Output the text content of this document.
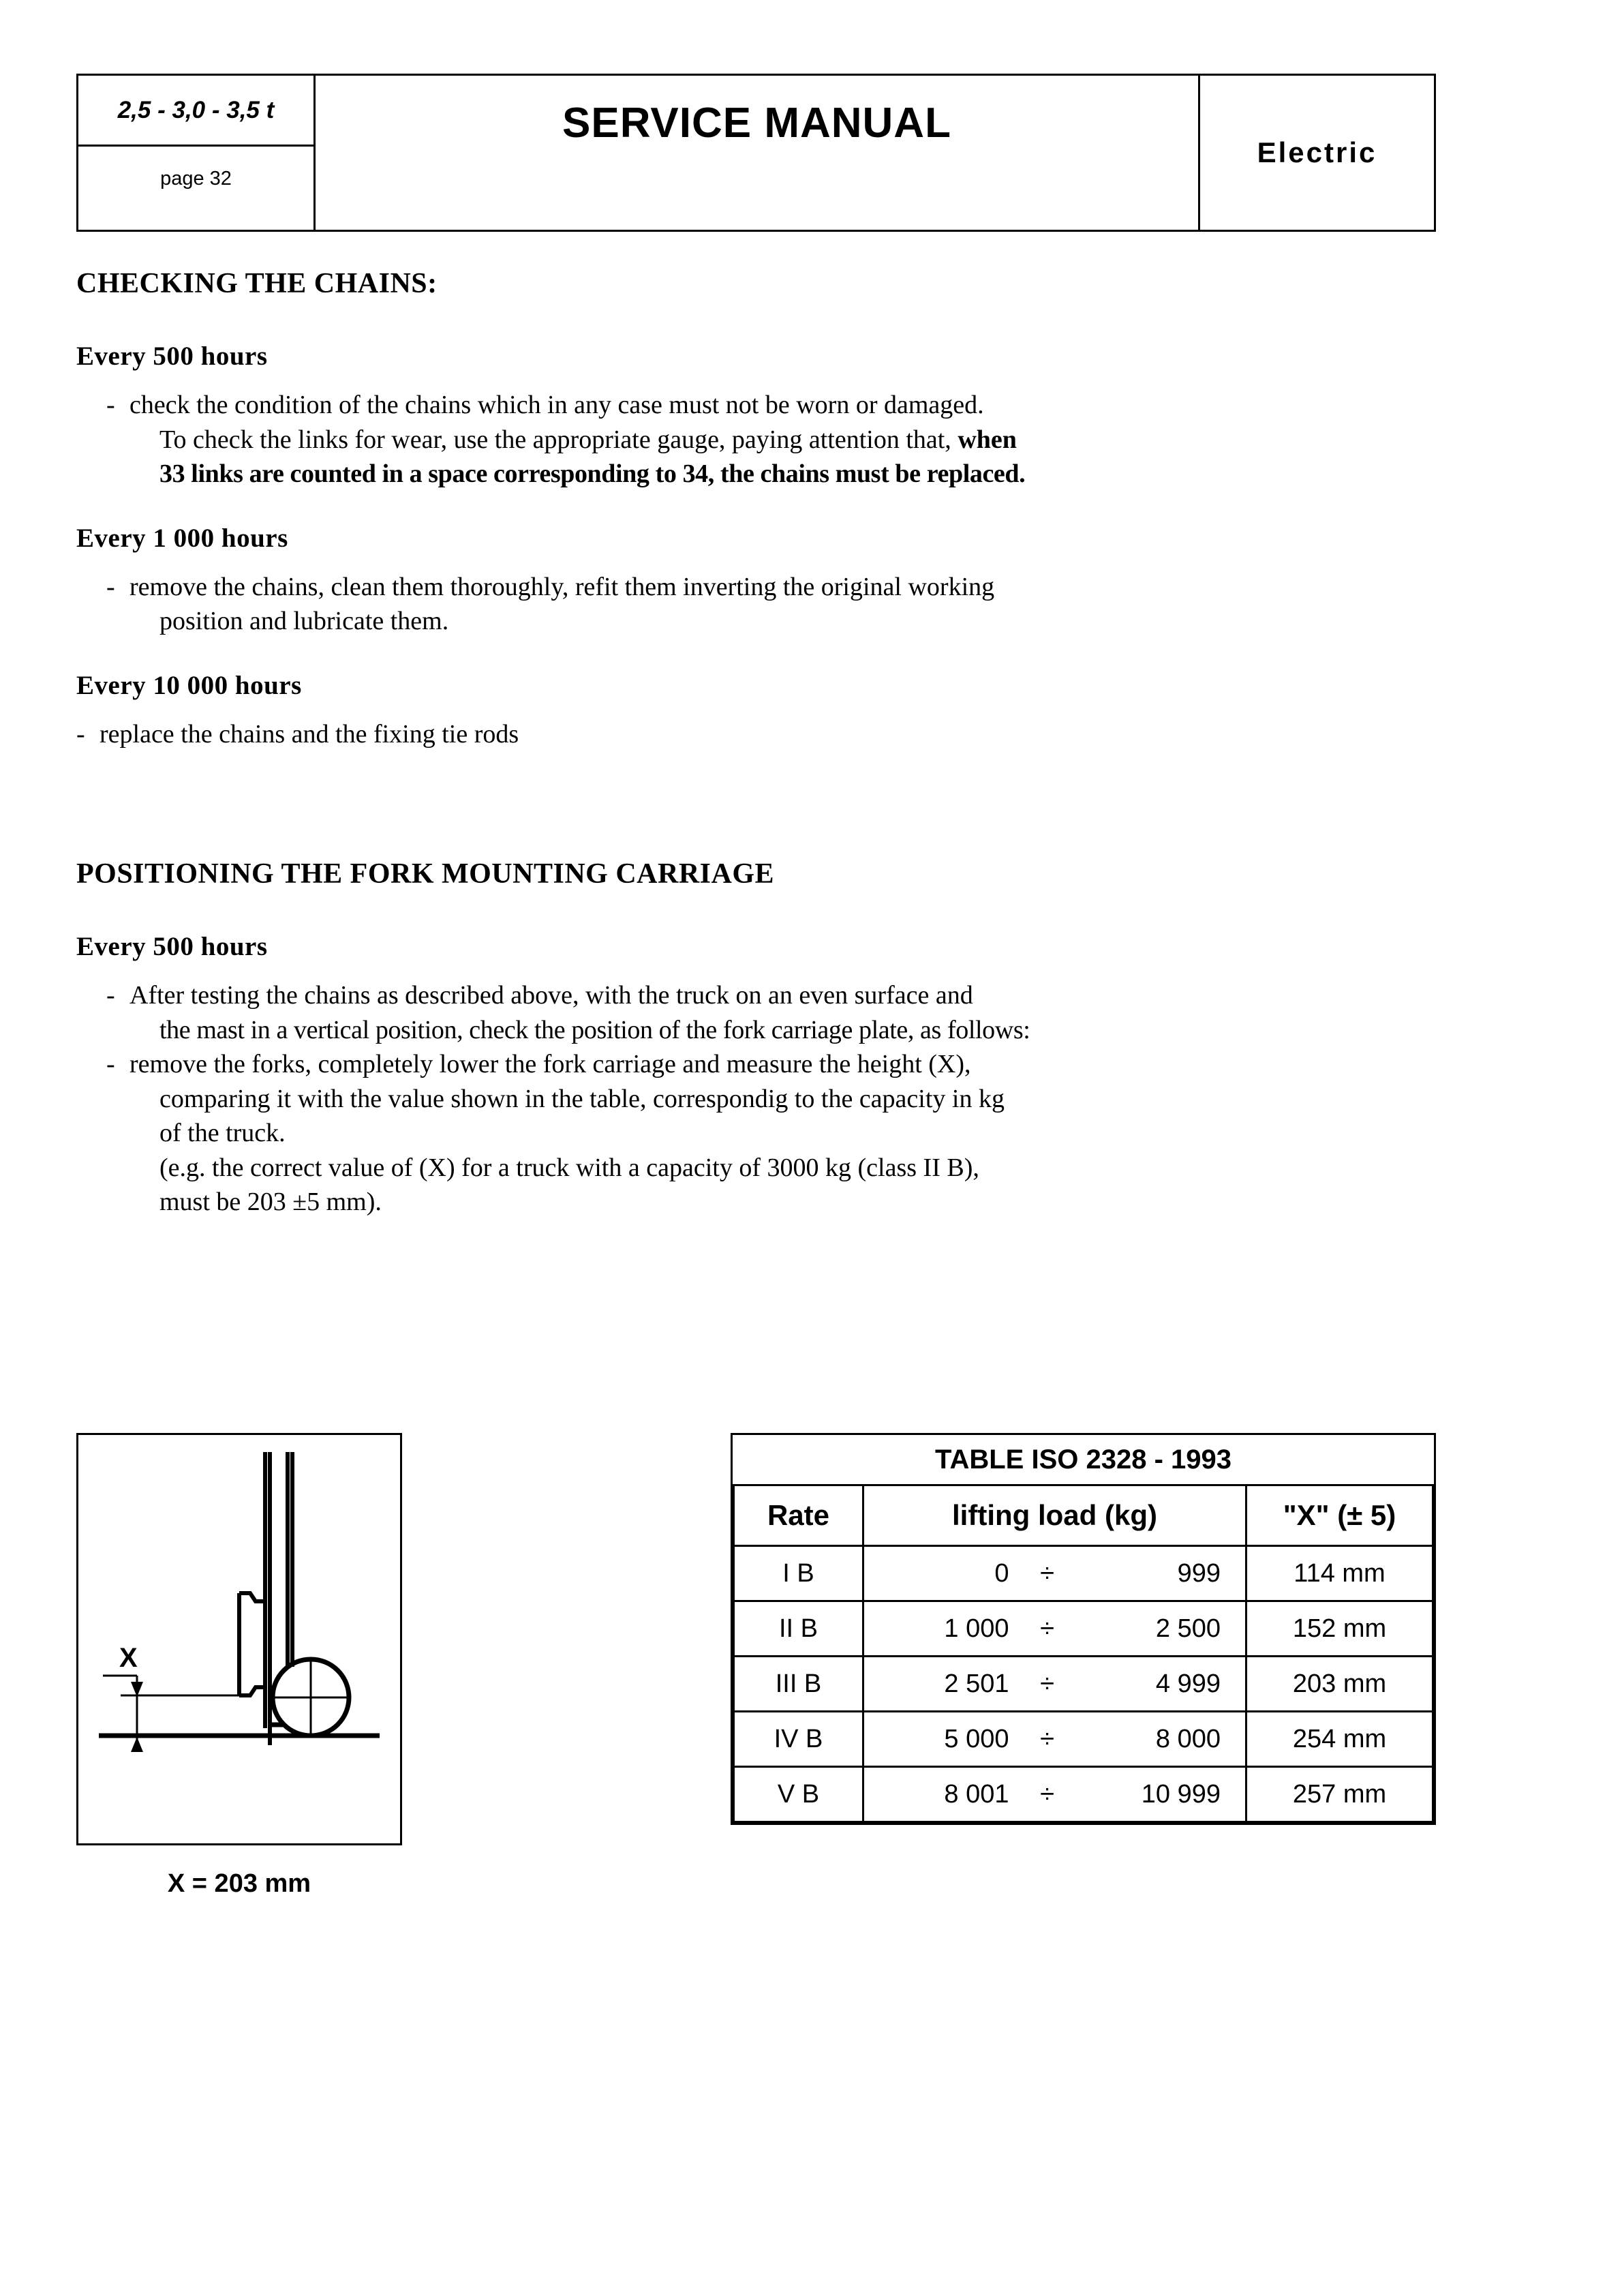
2,5 - 3,0 - 3,5 t
page 32
SERVICE MANUAL
Electric
CHECKING THE CHAINS:
Every 500 hours
- check the condition of the chains which in any case must not be worn or damaged.
To check the links for wear, use the appropriate gauge, paying attention that, when
33 links are counted in a space corresponding to 34, the chains must be replaced.
Every 1 000 hours
- remove the chains, clean them thoroughly, refit them inverting the original working
position and lubricate them.
Every 10 000 hours
- replace the chains and the fixing tie rods
POSITIONING THE FORK MOUNTING CARRIAGE
Every 500 hours
- After testing the chains as described above, with the truck on an even surface and
the mast in a vertical position, check the position of the fork carriage plate, as follows:
- remove the forks, completely lower the fork carriage and measure the height (X),
comparing it with the value shown in the table, correspondig to the capacity in kg
of the truck.
(e.g. the correct value of (X) for a truck with a capacity of 3000 kg (class II B),
must be 203 ±5 mm).
X
X = 203 mm
TABLE ISO 2328 - 1993		
Rate	lifting load (kg)	"X" (± 5)
I B	0 ÷ 999	114 mm
II B	1 000 ÷ 2 500	152 mm
III B	2 501 ÷ 4 999	203 mm
IV B	5 000 ÷ 8 000	254 mm
V B	8 001 ÷ 10 999	257 mm
